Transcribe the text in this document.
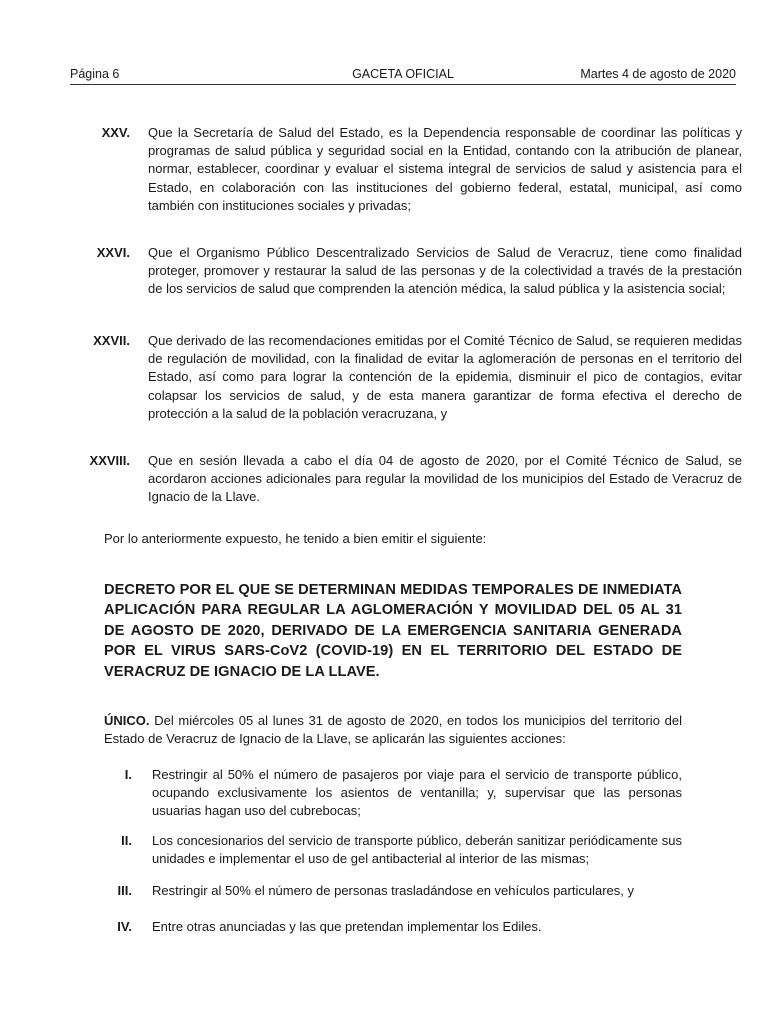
Página 6	GACETA OFICIAL	Martes 4 de agosto de 2020
XXV. Que la Secretaría de Salud del Estado, es la Dependencia responsable de coordinar las políticas y programas de salud pública y seguridad social en la Entidad, contando con la atribución de planear, normar, establecer, coordinar y evaluar el sistema integral de servicios de salud y asistencia para el Estado, en colaboración con las instituciones del gobierno federal, estatal, municipal, así como también con instituciones sociales y privadas;
XXVI. Que el Organismo Público Descentralizado Servicios de Salud de Veracruz, tiene como finalidad proteger, promover y restaurar la salud de las personas y de la colectividad a través de la prestación de los servicios de salud que comprenden la atención médica, la salud pública y la asistencia social;
XXVII. Que derivado de las recomendaciones emitidas por el Comité Técnico de Salud, se requieren medidas de regulación de movilidad, con la finalidad de evitar la aglomeración de personas en el territorio del Estado, así como para lograr la contención de la epidemia, disminuir el pico de contagios, evitar colapsar los servicios de salud, y de esta manera garantizar de forma efectiva el derecho de protección a la salud de la población veracruzana, y
XXVIII. Que en sesión llevada a cabo el día 04 de agosto de 2020, por el Comité Técnico de Salud, se acordaron acciones adicionales para regular la movilidad de los municipios del Estado de Veracruz de Ignacio de la Llave.
Por lo anteriormente expuesto, he tenido a bien emitir el siguiente:
DECRETO POR EL QUE SE DETERMINAN MEDIDAS TEMPORALES DE INMEDIATA APLICACIÓN PARA REGULAR LA AGLOMERACIÓN Y MOVILIDAD DEL 05 AL 31 DE AGOSTO DE 2020, DERIVADO DE LA EMERGENCIA SANITARIA GENERADA POR EL VIRUS SARS-CoV2 (COVID-19) EN EL TERRITORIO DEL ESTADO DE VERACRUZ DE IGNACIO DE LA LLAVE.
ÚNICO. Del miércoles 05 al lunes 31 de agosto de 2020, en todos los municipios del territorio del Estado de Veracruz de Ignacio de la Llave, se aplicarán las siguientes acciones:
I. Restringir al 50% el número de pasajeros por viaje para el servicio de transporte público, ocupando exclusivamente los asientos de ventanilla; y, supervisar que las personas usuarias hagan uso del cubrebocas;
II. Los concesionarios del servicio de transporte público, deberán sanitizar periódicamente sus unidades e implementar el uso de gel antibacterial al interior de las mismas;
III. Restringir al 50% el número de personas trasladándose en vehículos particulares, y
IV. Entre otras anunciadas y las que pretendan implementar los Ediles.
